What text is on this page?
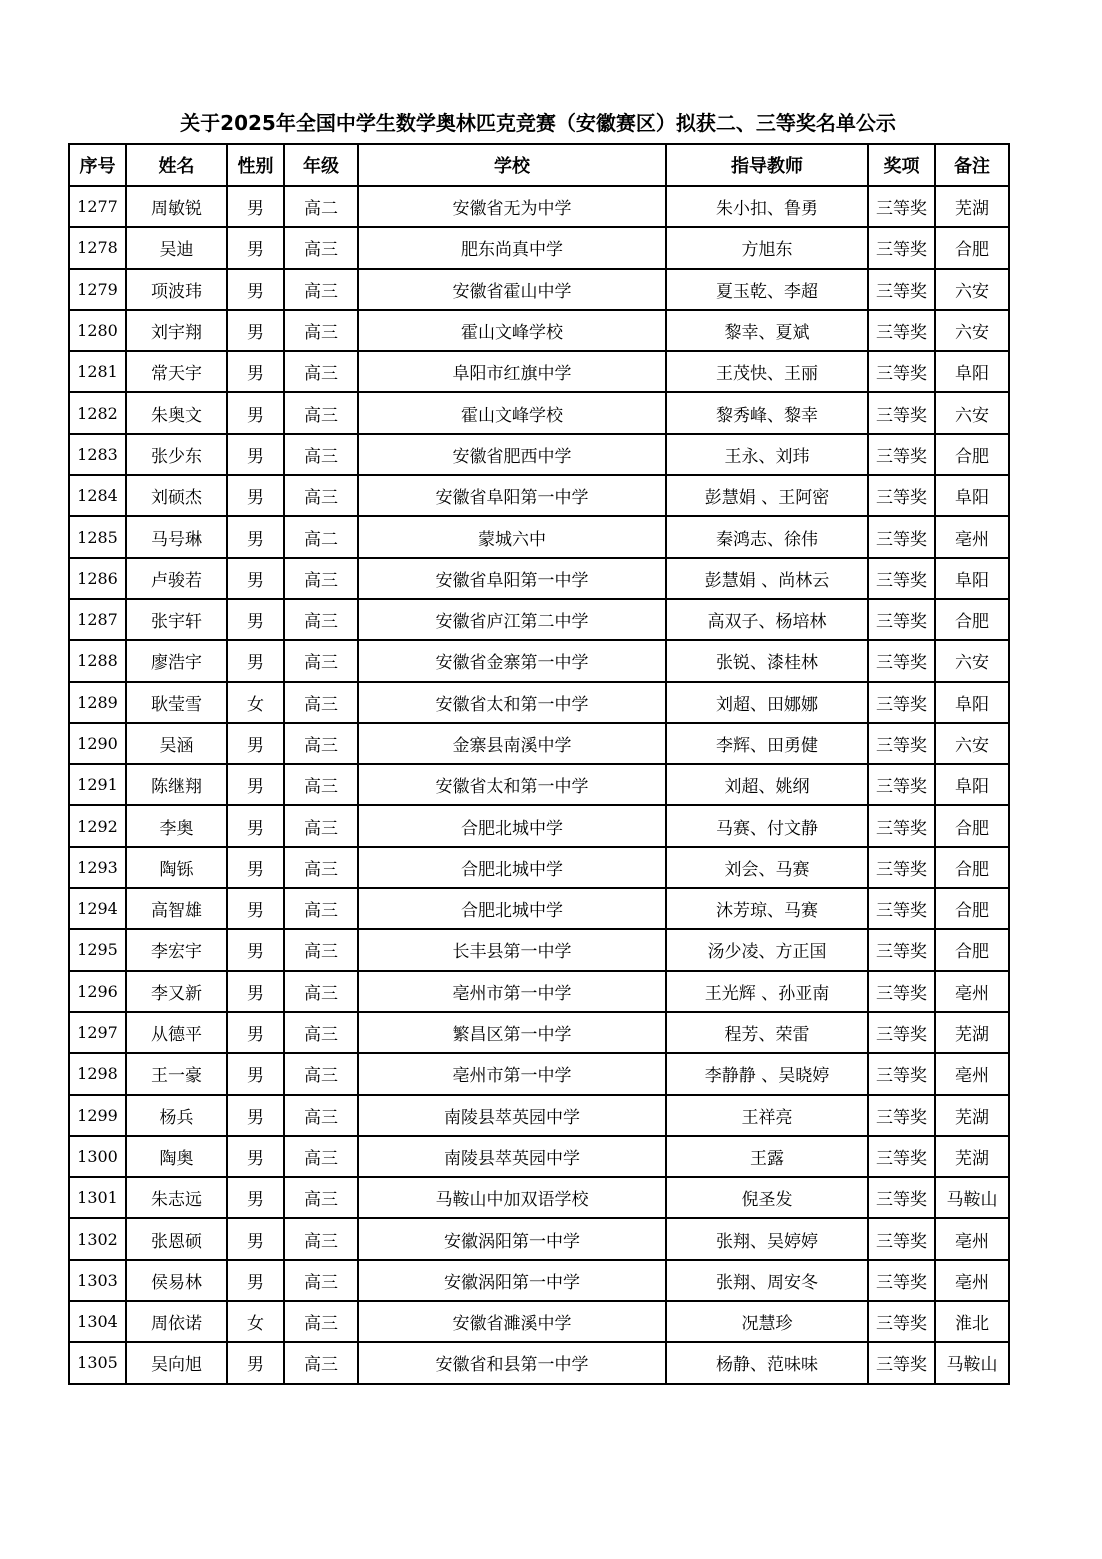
关于2025年全国中学生数学奥林匹克竞赛（安徽赛区）拟获二、三等奖名单公示
序号	姓名	性别	年级	学校	指导教师	奖项	备注
1277	周敏锐	男	高二	安徽省无为中学	朱小扣、鲁勇	三等奖	芜湖
1278	吴迪	男	高三	肥东尚真中学	方旭东	三等奖	合肥
1279	项波玮	男	高三	安徽省霍山中学	夏玉乾、李超	三等奖	六安
1280	刘宇翔	男	高三	霍山文峰学校	黎幸、夏斌	三等奖	六安
1281	常天宇	男	高三	阜阳市红旗中学	王茂快、王丽	三等奖	阜阳
1282	朱奥文	男	高三	霍山文峰学校	黎秀峰、黎幸	三等奖	六安
1283	张少东	男	高三	安徽省肥西中学	王永、刘玮	三等奖	合肥
1284	刘硕杰	男	高三	安徽省阜阳第一中学	彭慧娟 、王阿密	三等奖	阜阳
1285	马号琳	男	高二	蒙城六中	秦鸿志、徐伟	三等奖	亳州
1286	卢骏若	男	高三	安徽省阜阳第一中学	彭慧娟 、尚林云	三等奖	阜阳
1287	张宇轩	男	高三	安徽省庐江第二中学	高双子、杨培林	三等奖	合肥
1288	廖浩宇	男	高三	安徽省金寨第一中学	张锐、漆桂林	三等奖	六安
1289	耿莹雪	女	高三	安徽省太和第一中学	刘超、田娜娜	三等奖	阜阳
1290	吴涵	男	高三	金寨县南溪中学	李辉、田勇健	三等奖	六安
1291	陈继翔	男	高三	安徽省太和第一中学	刘超、姚纲	三等奖	阜阳
1292	李奥	男	高三	合肥北城中学	马赛、付文静	三等奖	合肥
1293	陶铄	男	高三	合肥北城中学	刘会、马赛	三等奖	合肥
1294	高智雄	男	高三	合肥北城中学	沐芳琼、马赛	三等奖	合肥
1295	李宏宇	男	高三	长丰县第一中学	汤少凌、方正国	三等奖	合肥
1296	李又新	男	高三	亳州市第一中学	王光辉 、孙亚南	三等奖	亳州
1297	从德平	男	高三	繁昌区第一中学	程芳、荣雷	三等奖	芜湖
1298	王一豪	男	高三	亳州市第一中学	李静静 、吴晓婷	三等奖	亳州
1299	杨兵	男	高三	南陵县萃英园中学	王祥亮	三等奖	芜湖
1300	陶奥	男	高三	南陵县萃英园中学	王露	三等奖	芜湖
1301	朱志远	男	高三	马鞍山中加双语学校	倪圣发	三等奖	马鞍山
1302	张恩硕	男	高三	安徽涡阳第一中学	张翔、吴婷婷	三等奖	亳州
1303	侯易林	男	高三	安徽涡阳第一中学	张翔、周安冬	三等奖	亳州
1304	周依诺	女	高三	安徽省濉溪中学	况慧珍	三等奖	淮北
1305	吴向旭	男	高三	安徽省和县第一中学	杨静、范味味	三等奖	马鞍山
